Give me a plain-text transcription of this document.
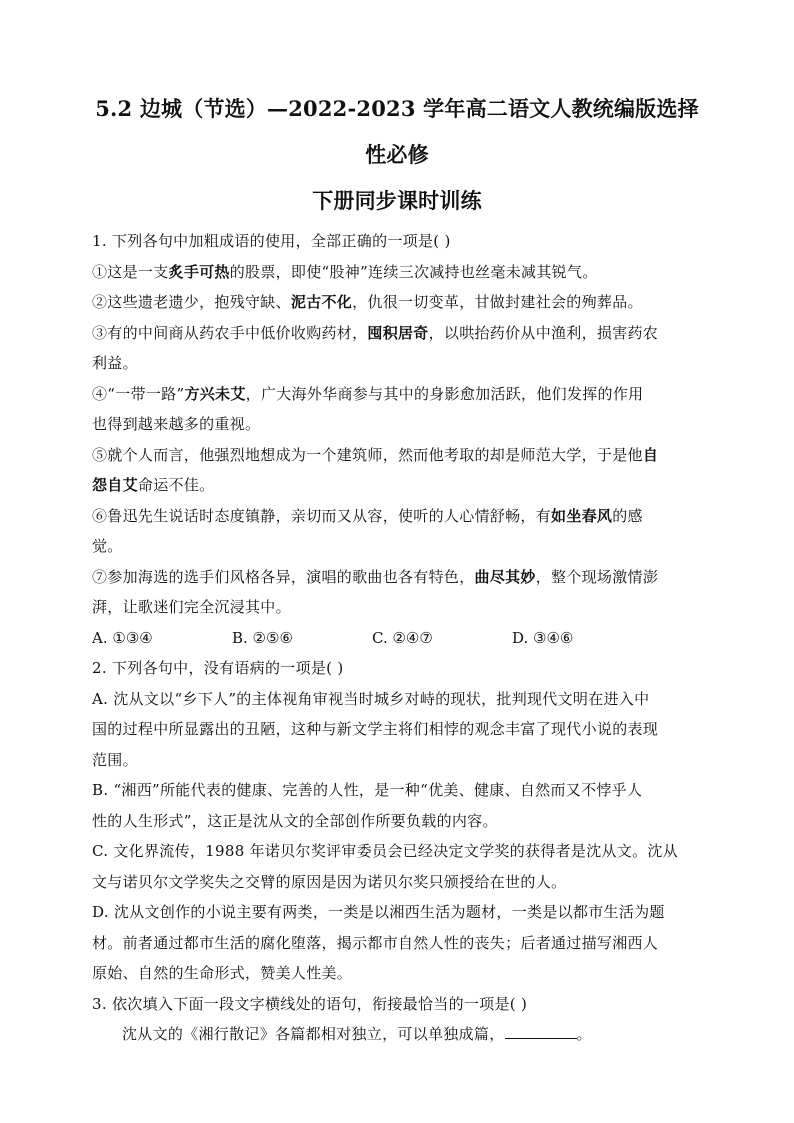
5.2 边城（节选）—2022-2023 学年高二语文人教统编版选择性必修
下册同步课时训练
1. 下列各句中加粗成语的使用，全部正确的一项是( )
①这是一支炙手可热的股票，即使“股神”连续三次减持也丝毫未减其锐气。
②这些遗老遗少，抱残守缺、泥古不化，仇很一切变革，甘做封建社会的殉葬品。
③有的中间商从药农手中低价收购药材，囤积居奇，以哄抬药价从中渔利，损害药农
利益。
④“一带一路”方兴未艾，广大海外华商参与其中的身影愈加活跃，他们发挥的作用
也得到越来越多的重视。
⑤就个人而言，他强烈地想成为一个建筑师，然而他考取的却是师范大学，于是他自
怨自艾命运不佳。
⑥鲁迅先生说话时态度镇静，亲切而又从容，使听的人心情舒畅，有如坐春风的感
觉。
⑦参加海选的选手们风格各异，演唱的歌曲也各有特色，曲尽其妙，整个现场激情澎
湃，让歌迷们完全沉浸其中。
A. ①③④	B. ②⑤⑥	C. ②④⑦	D. ③④⑥
2. 下列各句中，没有语病的一项是( )
A. 沈从文以“乡下人”的主体视角审视当时城乡对峙的现状，批判现代文明在进入中
国的过程中所显露出的丑陋，这种与新文学主将们相悖的观念丰富了现代小说的表现
范围。
B. “湘西”所能代表的健康、完善的人性，是一种“优美、健康、自然而又不悖乎人
性的人生形式”，这正是沈从文的全部创作所要负载的内容。
C. 文化界流传，1988 年诺贝尔奖评审委员会已经决定文学奖的获得者是沈从文。沈从
文与诺贝尔文学奖失之交臂的原因是因为诺贝尔奖只颁授给在世的人。
D. 沈从文创作的小说主要有两类，一类是以湘西生活为题材，一类是以都市生活为题
材。前者通过都市生活的腐化堕落，揭示都市自然人性的丧失；后者通过描写湘西人
原始、自然的生命形式，赞美人性美。
3. 依次填入下面一段文字横线处的语句，衔接最恰当的一项是( )
沈从文的《湘行散记》各篇都相对独立，可以单独成篇，	。
